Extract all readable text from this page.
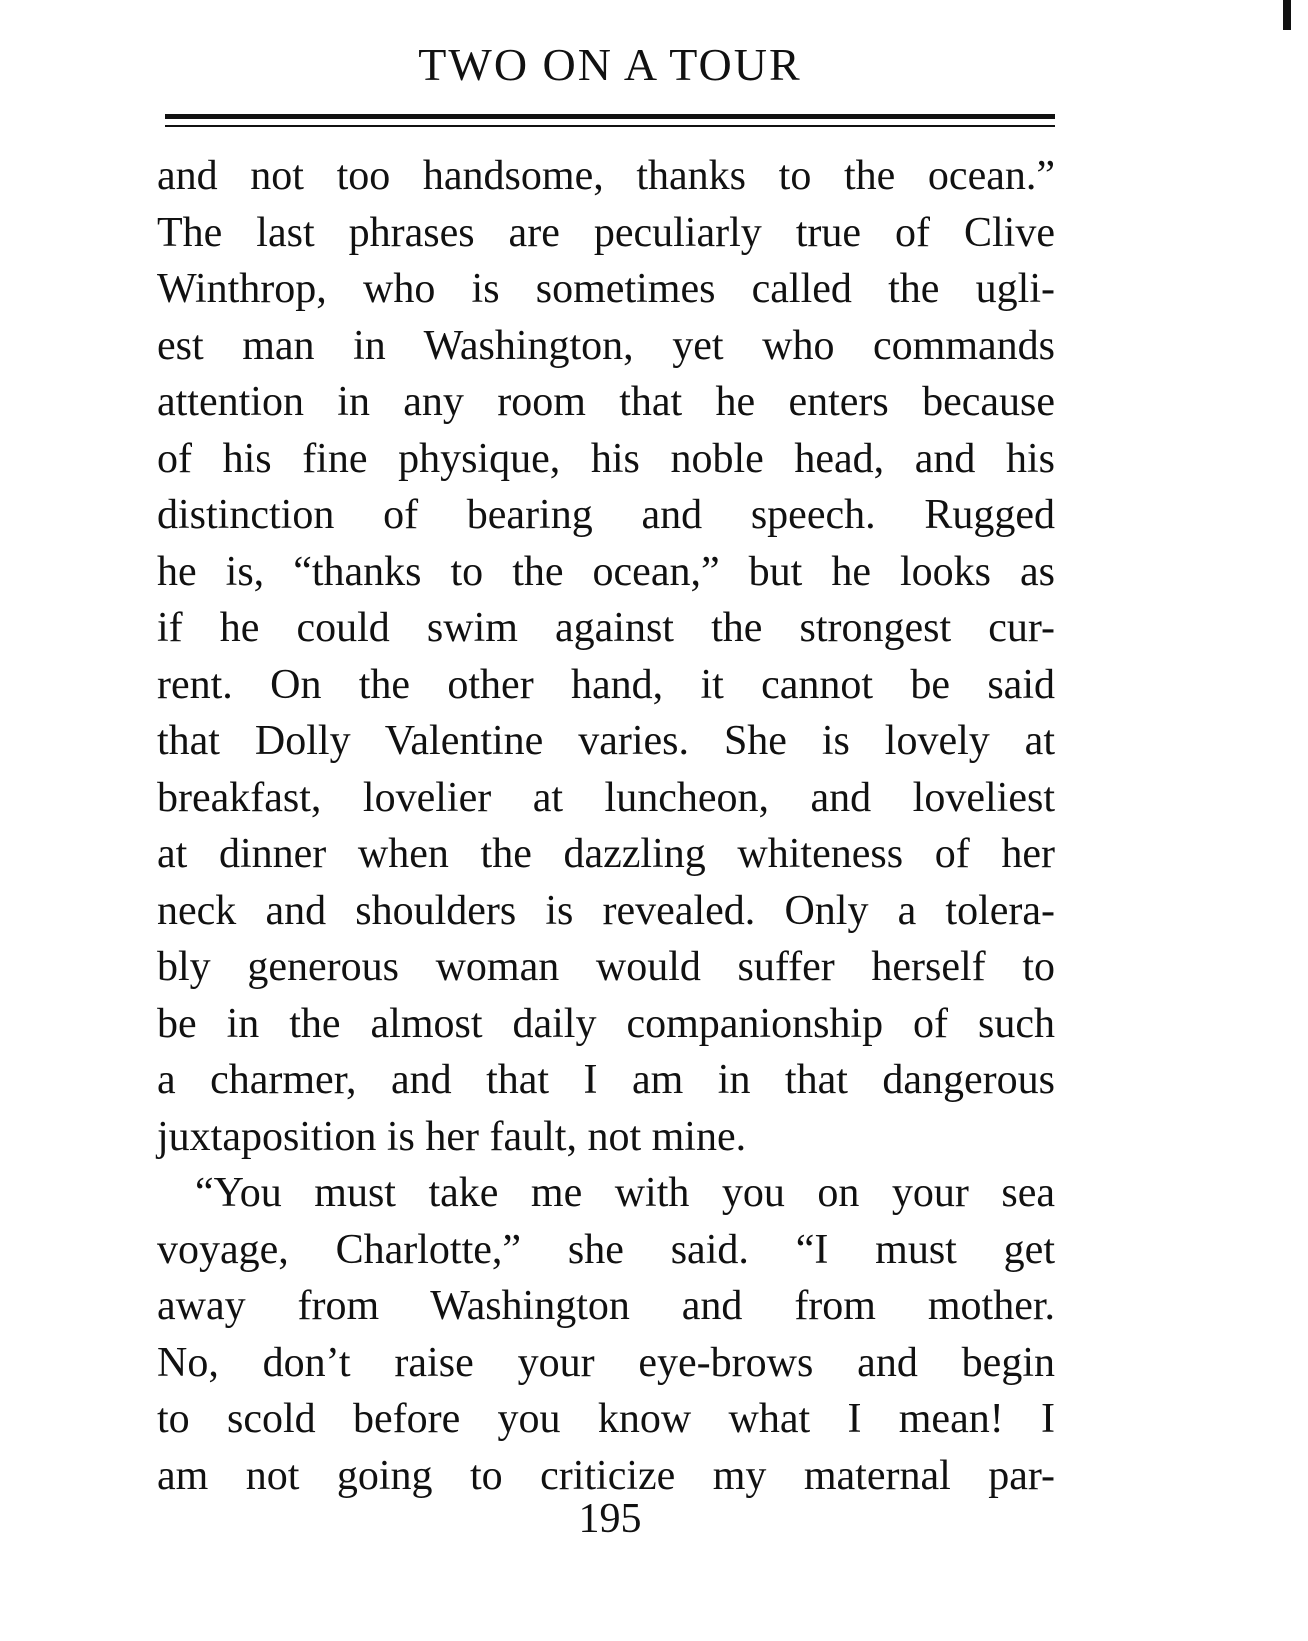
TWO ON A TOUR
and not too handsome, thanks to the ocean.”
The last phrases are peculiarly true of Clive
Winthrop, who is sometimes called the ugli-
est man in Washington, yet who commands
attention in any room that he enters because
of his fine physique, his noble head, and his
distinction of bearing and speech. Rugged
he is, “thanks to the ocean,” but he looks as
if he could swim against the strongest cur-
rent. On the other hand, it cannot be said
that Dolly Valentine varies. She is lovely at
breakfast, lovelier at luncheon, and loveliest
at dinner when the dazzling whiteness of her
neck and shoulders is revealed. Only a tolera-
bly generous woman would suffer herself to
be in the almost daily companionship of such
a charmer, and that I am in that dangerous
juxtaposition is her fault, not mine.
“You must take me with you on your sea
voyage, Charlotte,” she said. “I must get
away from Washington and from mother.
No, don’t raise your eye-brows and begin
to scold before you know what I mean! I
am not going to criticize my maternal par-
195
